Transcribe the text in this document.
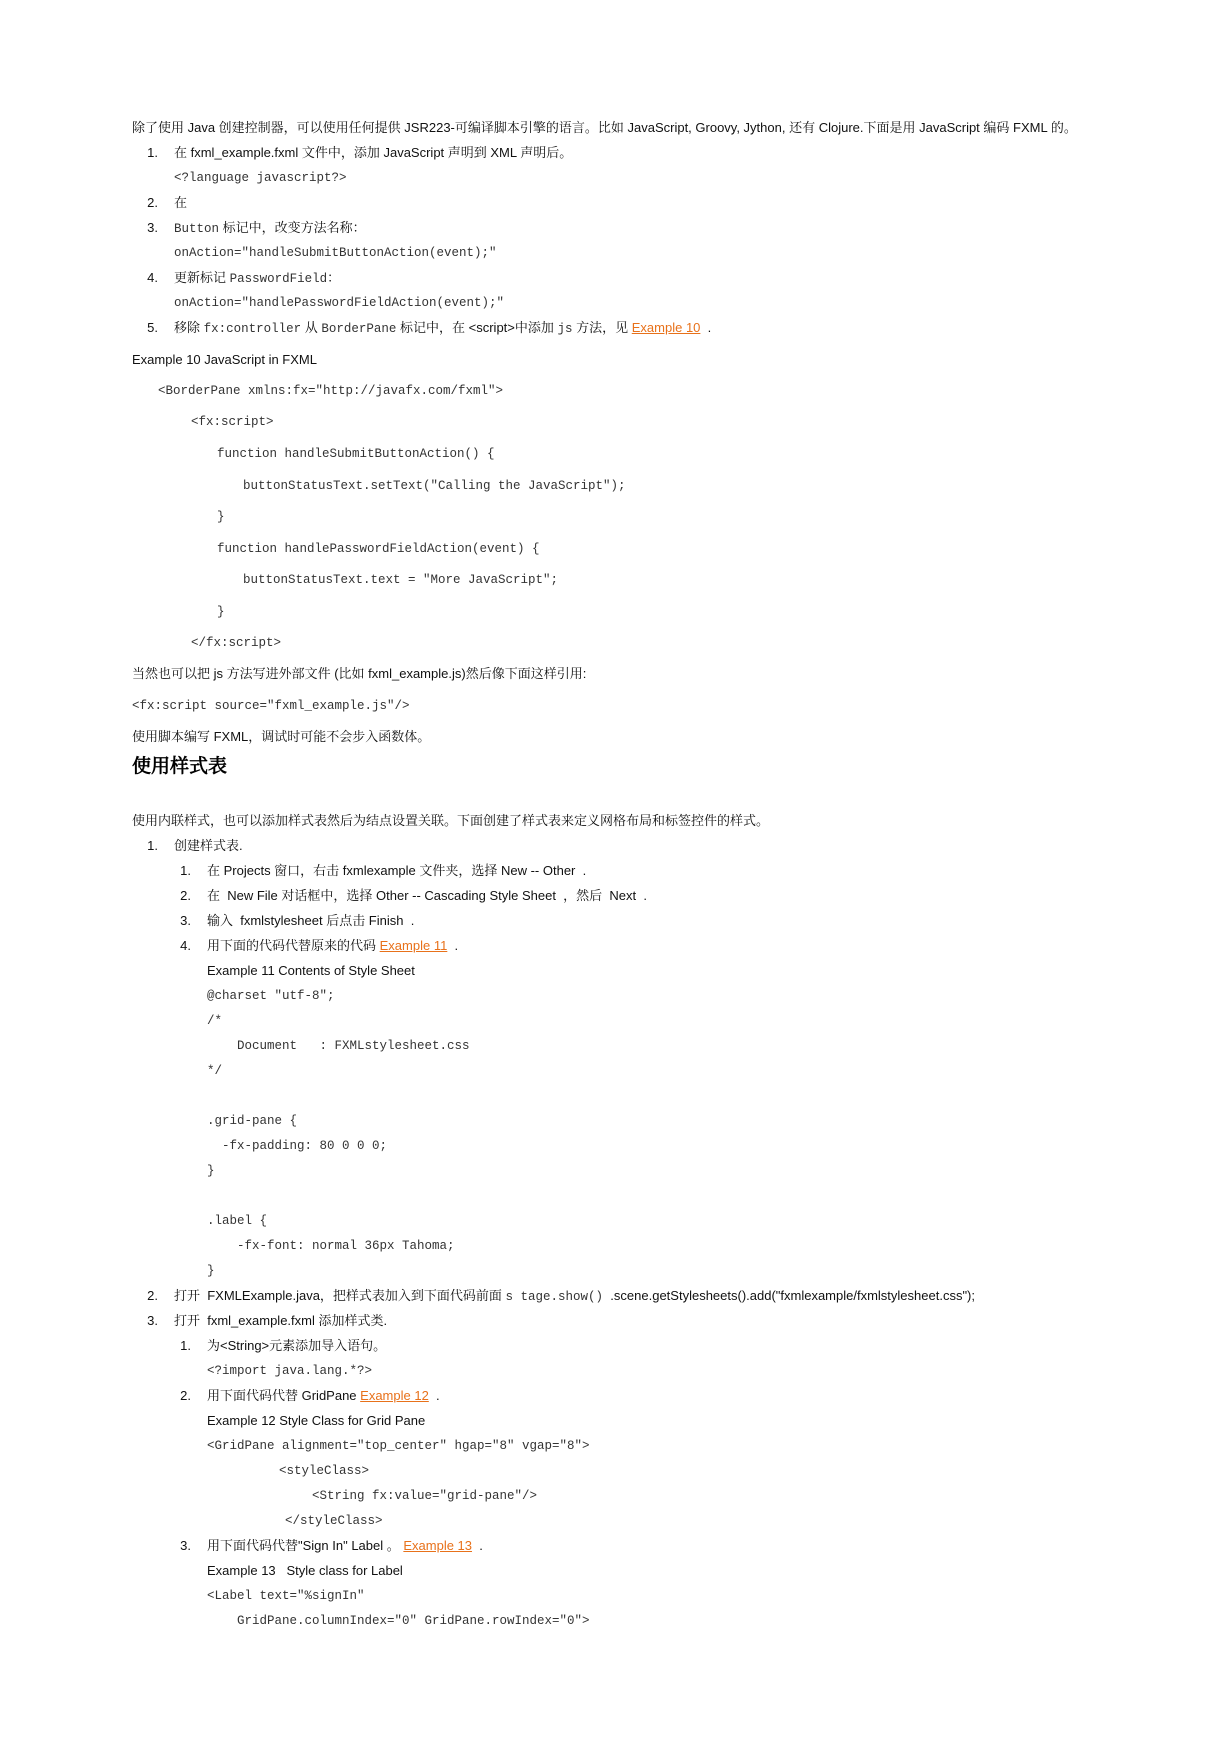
除了使用 Java 创建控制器，可以使用任何提供 JSR223-可编译脚本引擎的语言。比如 JavaScript, Groovy, Jython, 还有 Clojure.下面是用 JavaScript 编码 FXML 的。
1. 在 fxml_example.fxml 文件中，添加 JavaScript 声明到 XML 声明后。
<?language javascript?>
2. 在
3. Button 标记中，改变方法名称：
onAction="handleSubmitButtonAction(event);"
4. 更新标记 PasswordField：
onAction="handlePasswordFieldAction(event);"
5. 移除 fx:controller 从 BorderPane 标记中，在 <script>中添加 js 方法，见 Example 10  .
Example 10 JavaScript in FXML
<BorderPane xmlns:fx="http://javafx.com/fxml">
<fx:script>
function handleSubmitButtonAction() {
buttonStatusText.setText("Calling the JavaScript");
}
function handlePasswordFieldAction(event) {
buttonStatusText.text = "More JavaScript";
}
</fx:script>
当然也可以把 js 方法写进外部文件 (比如 fxml_example.js)然后像下面这样引用:
<fx:script source="fxml_example.js"/>
使用脚本编写 FXML，调试时可能不会步入函数体。
使用样式表
使用内联样式，也可以添加样式表然后为结点设置关联。下面创建了样式表来定义网格布局和标签控件的样式。
1. 创建样式表.
1. 在 Projects 窗口，右击 fxmlexample 文件夹，选择 New -- Other  .
2. 在  New File 对话框中，选择 Other -- Cascading Style Sheet  ，然后  Next  .
3. 输入  fxmlstylesheet 后点击 Finish  .
4. 用下面的代码代替原来的代码 Example 11  .
Example 11 Contents of Style Sheet
@charset "utf-8";
/*
Document   : FXMLstylesheet.css
*/
.grid-pane {
-fx-padding: 80 0 0 0;
}
.label {
-fx-font: normal 36px Tahoma;
}
2. 打开  FXMLExample.java，把样式表加入到下面代码前面 s tage.show()  .scene.getStylesheets().add("fxmlexample/fxmlstylesheet.css");
3. 打开  fxml_example.fxml 添加样式类.
1. 为<String>元素添加导入语句。
<?import java.lang.*?>
2. 用下面代码代替 GridPane Example 12  .
Example 12 Style Class for Grid Pane
<GridPane alignment="top_center" hgap="8" vgap="8">
<styleClass>
<String fx:value="grid-pane"/>
</styleClass>
3. 用下面代码代替"Sign In" Label 。 Example 13  .
Example 13   Style class for Label
<Label text="%signIn"
GridPane.columnIndex="0" GridPane.rowIndex="0">
